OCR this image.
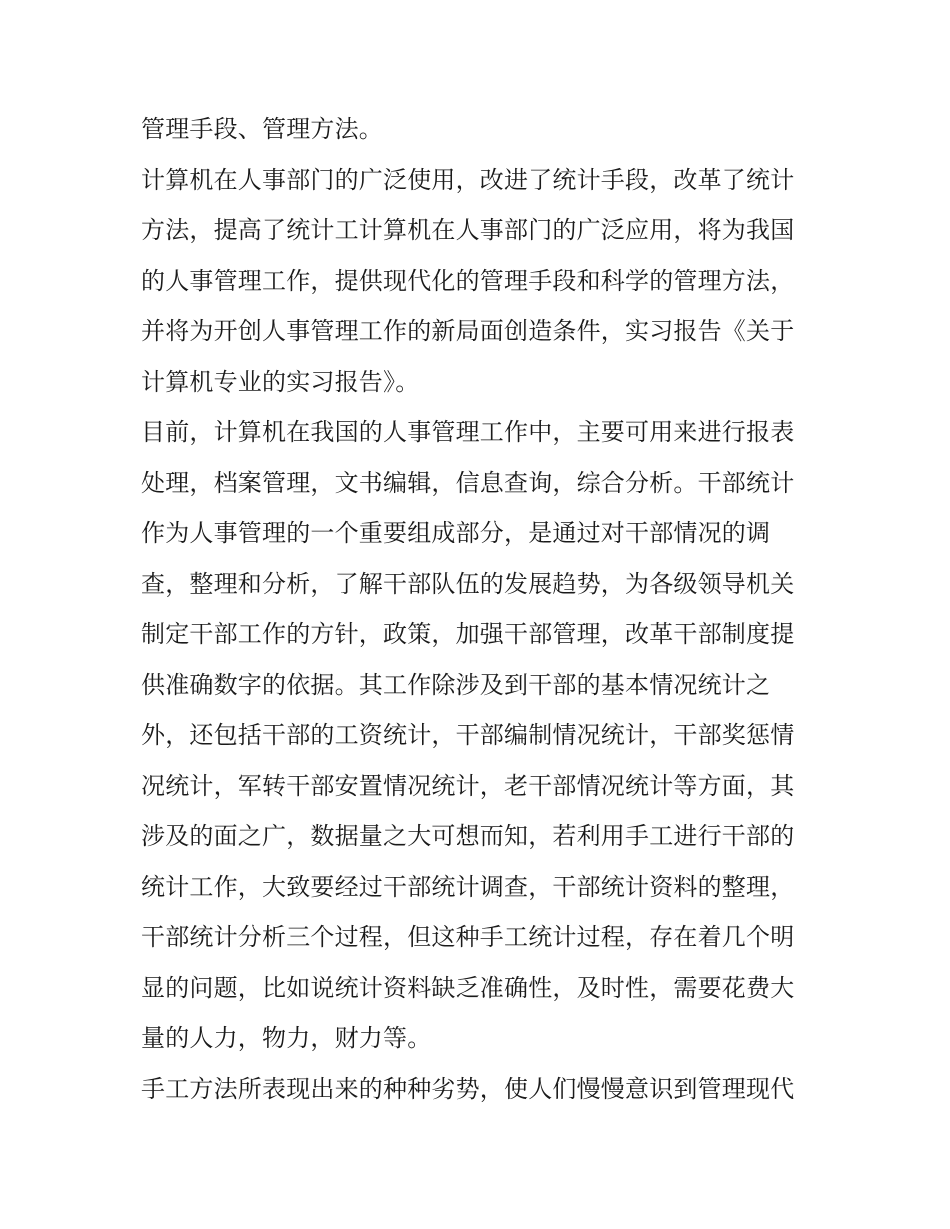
管理手段、管理方法。
计算机在人事部门的广泛使用，改进了统计手段，改革了统计
方法，提高了统计工计算机在人事部门的广泛应用，将为我国
的人事管理工作，提供现代化的管理手段和科学的管理方法，
并将为开创人事管理工作的新局面创造条件，实习报告《关于
计算机专业的实习报告》。
目前，计算机在我国的人事管理工作中，主要可用来进行报表
处理，档案管理，文书编辑，信息查询，综合分析。干部统计
作为人事管理的一个重要组成部分，是通过对干部情况的调
查，整理和分析，了解干部队伍的发展趋势，为各级领导机关
制定干部工作的方针，政策，加强干部管理，改革干部制度提
供准确数字的依据。其工作除涉及到干部的基本情况统计之
外，还包括干部的工资统计，干部编制情况统计，干部奖惩情
况统计，军转干部安置情况统计，老干部情况统计等方面，其
涉及的面之广，数据量之大可想而知，若利用手工进行干部的
统计工作，大致要经过干部统计调查，干部统计资料的整理，
干部统计分析三个过程，但这种手工统计过程，存在着几个明
显的问题，比如说统计资料缺乏准确性，及时性，需要花费大
量的人力，物力，财力等。
手工方法所表现出来的种种劣势，使人们慢慢意识到管理现代
